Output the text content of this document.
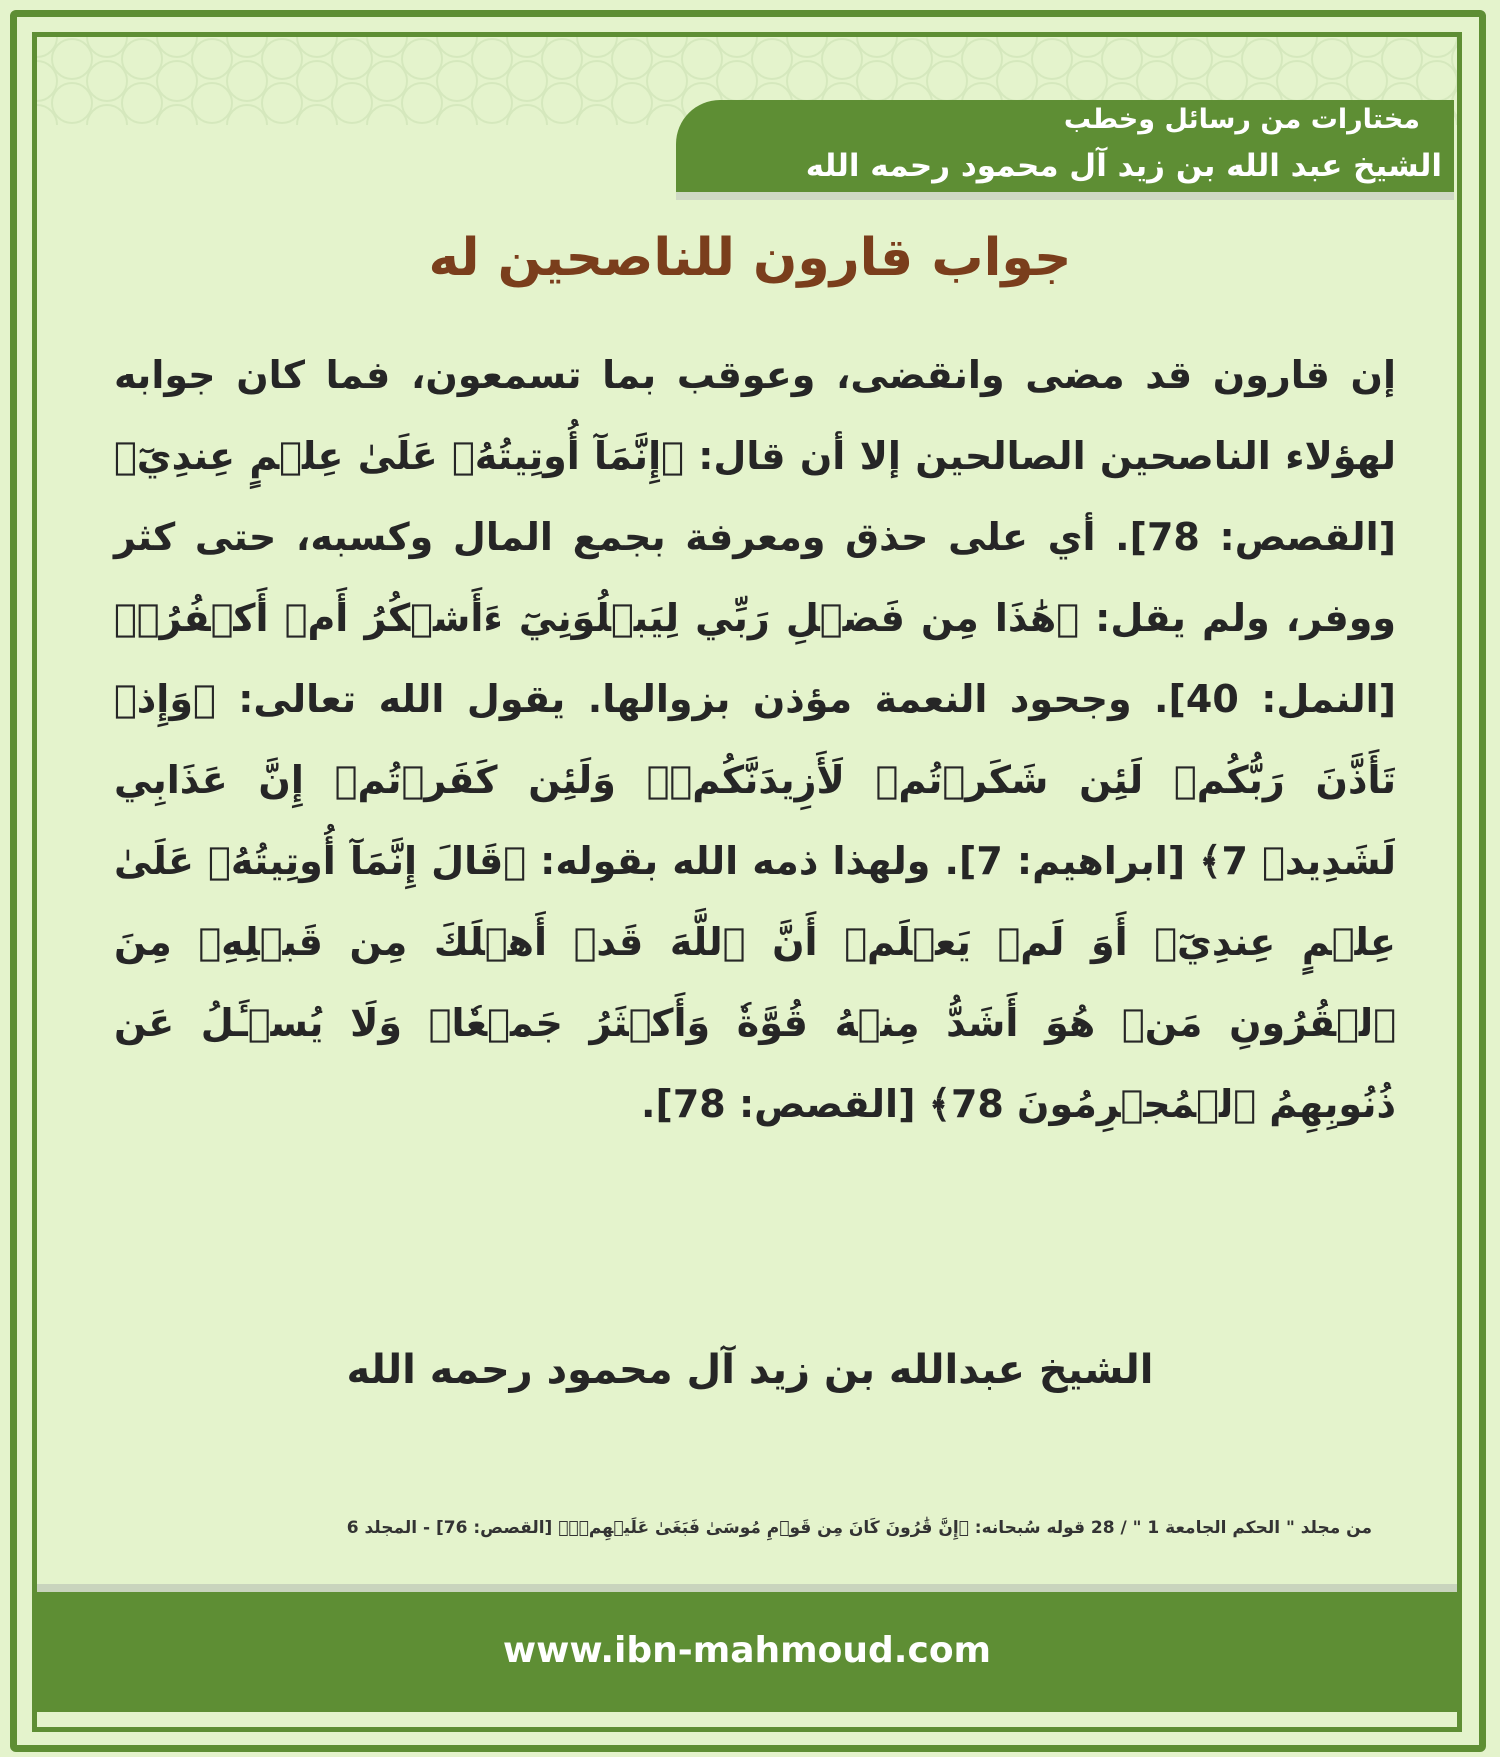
مختارات من رسائل وخطب
الشيخ عبد الله بن زيد آل محمود رحمه الله
جواب قارون للناصحين له

إن قارون قد مضى وانقضى، وعوقب بما تسمعون، فما كان جوابه لهؤلاء الناصحين الصالحين إلا أن قال: ﴿إِنَّمَآ أُوتِيتُهُۥ عَلَىٰ عِلۡمٍ عِندِيٓ﴾ [القصص: 78]. أي على حذق ومعرفة بجمع المال وكسبه، حتى كثر ووفر، ولم يقل: ﴿هَٰذَا مِن فَضۡلِ رَبِّي لِيَبۡلُوَنِيٓ ءَأَشۡكُرُ أَمۡ أَكۡفُرُۖ﴾ [النمل: 40]. وجحود النعمة مؤذن بزوالها. يقول الله تعالى: ﴿وَإِذۡ تَأَذَّنَ رَبُّكُمۡ لَئِن شَكَرۡتُمۡ لَأَزِيدَنَّكُمۡۖ وَلَئِن كَفَرۡتُمۡ إِنَّ عَذَابِي لَشَدِيدٞ 7﴾ [ابراهيم: 7]. ولهذا ذمه الله بقوله: ﴿قَالَ إِنَّمَآ أُوتِيتُهُۥ عَلَىٰ عِلۡمٍ عِندِيٓۚ أَوَ لَمۡ يَعۡلَمۡ أَنَّ ٱللَّهَ قَدۡ أَهۡلَكَ مِن قَبۡلِهِۦ مِنَ ٱلۡقُرُونِ مَنۡ هُوَ أَشَدُّ مِنۡهُ قُوَّةٗ وَأَكۡثَرُ جَمۡعٗاۚ وَلَا يُسۡـَٔلُ عَن ذُنُوبِهِمُ ٱلۡمُجۡرِمُونَ 78﴾ [القصص: 78].

الشيخ عبدالله بن زيد آل محمود رحمه الله
من مجلد " الحكم الجامعة 1 " / 28 قوله سُبحانه: ﴿إِنَّ قَٰرُونَ كَانَ مِن قَوۡمِ مُوسَىٰ فَبَغَىٰ عَلَيۡهِمۡۖ﴾ [القصص: 76] - المجلد 6
www.ibn-mahmoud.com
